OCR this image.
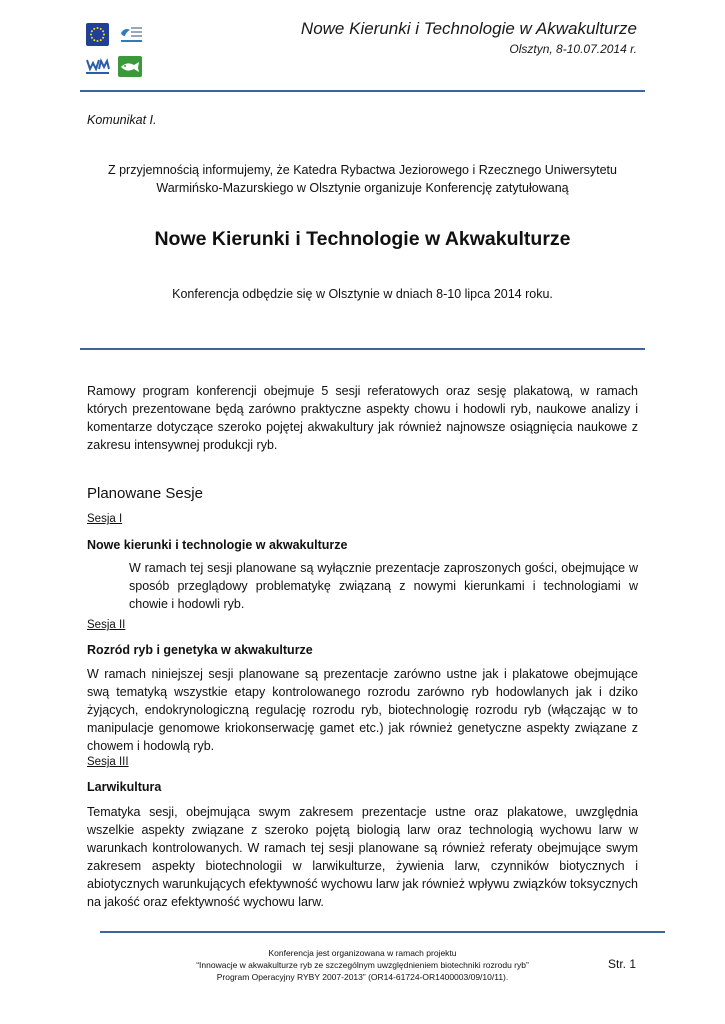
Nowe Kierunki i Technologie w Akwakulturze
Olsztyn, 8-10.07.2014 r.
Komunikat I.
Z przyjemnością informujemy, że Katedra Rybactwa Jeziorowego i Rzecznego Uniwersytetu
Warmińsko-Mazurskiego w Olsztynie organizuje Konferencję zatytułowaną
Nowe Kierunki i Technologie w Akwakulturze
Konferencja odbędzie się w Olsztynie w dniach 8-10 lipca 2014 roku.
Ramowy program konferencji obejmuje 5 sesji referatowych oraz sesję plakatową, w ramach których prezentowane będą zarówno praktyczne aspekty chowu i hodowli ryb, naukowe analizy i komentarze dotyczące szeroko pojętej akwakultury jak również najnowsze osiągnięcia naukowe z zakresu intensywnej produkcji ryb.
Planowane Sesje
Sesja I
Nowe kierunki i technologie w akwakulturze
W ramach tej sesji planowane są wyłącznie prezentacje zaproszonych gości, obejmujące w sposób przeglądowy problematykę związaną z nowymi kierunkami i technologiami w chowie i hodowli ryb.
Sesja II
Rozród ryb i genetyka w akwakulturze
W ramach niniejszej sesji planowane są prezentacje zarówno ustne jak i plakatowe obejmujące swą tematyką wszystkie etapy kontrolowanego rozrodu zarówno ryb hodowlanych jak i dziko żyjących, endokrynologiczną regulację rozrodu ryb, biotechnologię rozrodu ryb (włączając w to manipulacje genomowe kriokonserwację gamet etc.) jak również genetyczne aspekty związane z chowem i hodowlą ryb.
Sesja III
Larwikultura
Tematyka sesji, obejmująca swym zakresem prezentacje ustne oraz plakatowe, uwzględnia wszelkie aspekty związane z szeroko pojętą biologią larw oraz technologią wychowu larw w warunkach kontrolowanych. W ramach tej sesji planowane są również referaty obejmujące swym zakresem aspekty biotechnologii w larwikulturze, żywienia larw, czynników biotycznych i abiotycznych warunkujących efektywność wychowu larw jak również wpływu związków toksycznych na jakość oraz efektywność wychowu larw.
Konferencja jest organizowana w ramach projektu
“Innowacje w akwakulturze ryb ze szczególnym uwzględnieniem biotechniki rozrodu ryb”
Program Operacyjny RYBY 2007-2013” (OR14-61724-OR1400003/09/10/11).
Str. 1
